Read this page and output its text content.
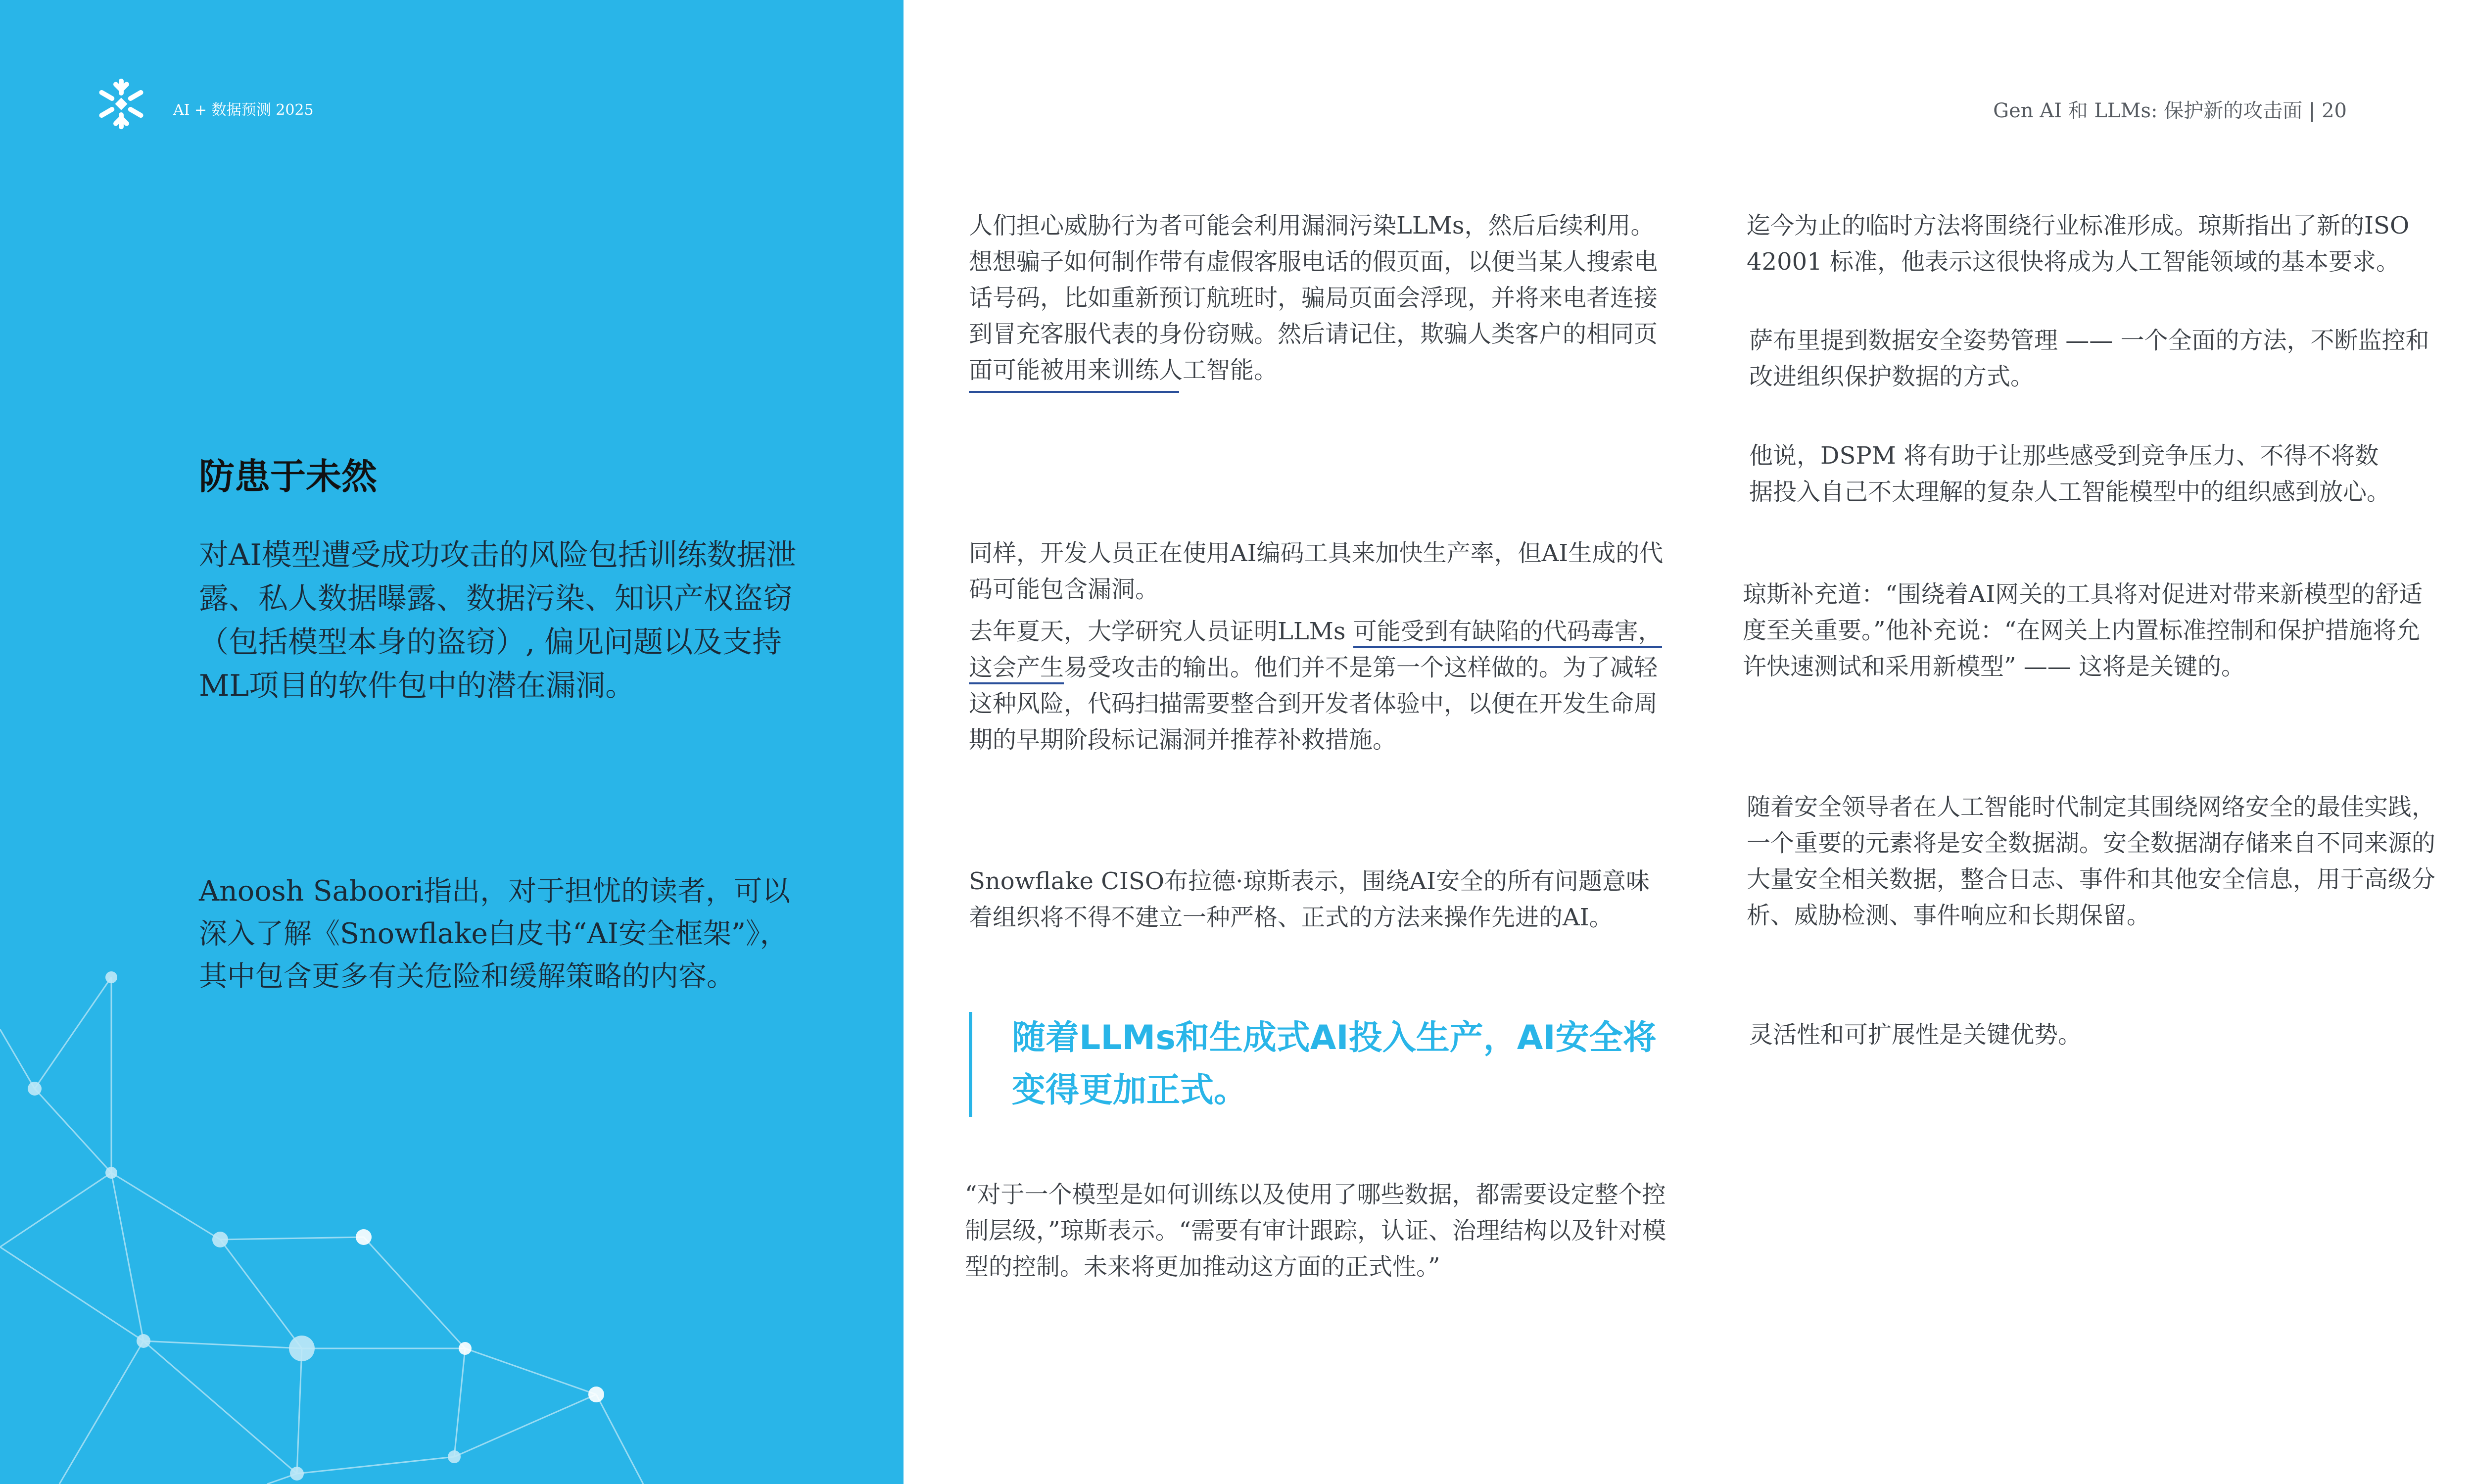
AI + 数据预测 2025	Gen AI 和 LLMs: 保护新的攻击面 | 20
防患于未然
对AI模型遭受成功攻击的风险包括训练数据泄露、私人数据曝露、数据污染、知识产权盗窃（包括模型本身的盗窃）, 偏见问题以及支持ML项目的软件包中的潜在漏洞。
Anoosh Saboori指出，对于担忧的读者，可以深入了解《Snowflake白皮书“AI安全框架”》，其中包含更多有关危险和缓解策略的内容。
人们担心威胁行为者可能会利用漏洞污染LLMs，然后后续利用。想想骗子如何制作带有虚假客服电话的假页面，以便当某人搜索电话号码，比如重新预订航班时，骗局页面会浮现，并将来电者连接到冒充客服代表的身份窃贼。然后请记住，欺骗人类客户的相同页面可能被用来训练人工智能。
同样，开发人员正在使用AI编码工具来加快生产率，但AI生成的代码可能包含漏洞。
去年夏天，大学研究人员证明LLMs 可能受到有缺陷的代码毒害，这会产生易受攻击的输出。他们并不是第一个这样做的。为了减轻这种风险，代码扫描需要整合到开发者体验中，以便在开发生命周期的早期阶段标记漏洞并推荐补救措施。
Snowflake CISO布拉德·琼斯表示，围绕AI安全的所有问题意味着组织将不得不建立一种严格、正式的方法来操作先进的AI。
随着LLMs和生成式AI投入生产，AI安全将变得更加正式。
“对于一个模型是如何训练以及使用了哪些数据，都需要设定整个控制层级，”琼斯表示。“需要有审计跟踪，认证、治理结构以及针对模型的控制。未来将更加推动这方面的正式性。”
迄今为止的临时方法将围绕行业标准形成。琼斯指出了新的ISO 42001 标准，他表示这很快将成为人工智能领域的基本要求。
萨布里提到数据安全姿势管理 —— 一个全面的方法，不断监控和改进组织保护数据的方式。
他说，DSPM 将有助于让那些感受到竞争压力、不得不将数据投入自己不太理解的复杂人工智能模型中的组织感到放心。
琼斯补充道：“围绕着AI网关的工具将对促进对带来新模型的舒适度至关重要。”他补充说：“在网关上内置标准控制和保护措施将允许快速测试和采用新模型” —— 这将是关键的。
随着安全领导者在人工智能时代制定其围绕网络安全的最佳实践，一个重要的元素将是安全数据湖。安全数据湖存储来自不同来源的大量安全相关数据，整合日志、事件和其他安全信息，用于高级分析、威胁检测、事件响应和长期保留。
灵活性和可扩展性是关键优势。
